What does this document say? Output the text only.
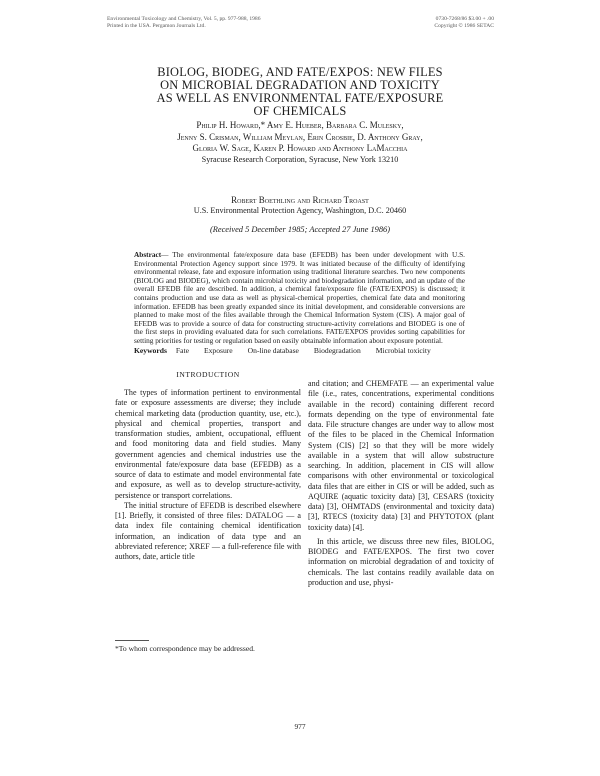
Environmental Toxicology and Chemistry, Vol. 5, pp. 977-988, 1986
Printed in the USA. Pergamon Journals Ltd.
0730-7268/86 $3.00 + .00
Copyright © 1986 SETAC
BIOLOG, BIODEG, AND FATE/EXPOS: NEW FILES
ON MICROBIAL DEGRADATION AND TOXICITY
AS WELL AS ENVIRONMENTAL FATE/EXPOSURE
OF CHEMICALS
Philip H. Howard,* Amy E. Hueber, Barbara C. Mulesky,
Jenny S. Crisman, William Meylan, Erin Crosbie, D. Anthony Gray,
Gloria W. Sage, Karen P. Howard and Anthony LaMacchia
Syracuse Research Corporation, Syracuse, New York 13210
Robert Boethling and Richard Troast
U.S. Environmental Protection Agency, Washington, D.C. 20460
(Received 5 December 1985; Accepted 27 June 1986)
Abstract— The environmental fate/exposure data base (EFEDB) has been under development with U.S. Environmental Protection Agency support since 1979. It was initiated because of the difficulty of identifying environmental release, fate and exposure information using traditional literature searches. Two new components (BIOLOG and BIODEG), which contain microbial toxicity and biodegradation information, and an update of the overall EFEDB file are described. In addition, a chemical fate/exposure file (FATE/EXPOS) is discussed; it contains production and use data as well as physical-chemical properties, chemical fate data and monitoring information. EFEDB has been greatly expanded since its initial development, and considerable conversions are planned to make most of the files available through the Chemical Information System (CIS). A major goal of EFEDB was to provide a source of data for constructing structure-activity correlations and BIODEG is one of the first steps in providing evaluated data for such correlations. FATE/EXPOS provides sorting capabilities for setting priorities for testing or regulation based on easily obtainable information about exposure potential.
Keywords Fate Exposure On-line database Biodegradation Microbial toxicity
INTRODUCTION

The types of information pertinent to environmental fate or exposure assessments are diverse; they include chemical marketing data (production quantity, use, etc.), physical and chemical properties, transport and transformation studies, ambient, occupational, effluent and food monitoring data and field studies. Many government agencies and chemical industries use the environmental fate/exposure data base (EFEDB) as a source of data to estimate and model environmental fate and exposure, as well as to develop structure-activity, persistence or transport correlations.

The initial structure of EFEDB is described elsewhere [1]. Briefly, it consisted of three files: DATALOG — a data index file containing chemical identification information, an indication of data type and an abbreviated reference; XREF — a full-reference file with authors, date, article title

and citation; and CHEMFATE — an experimental value file (i.e., rates, concentrations, experimental conditions available in the record) containing different record formats depending on the type of environmental fate data. File structure changes are under way to allow most of the files to be placed in the Chemical Information System (CIS) [2] so that they will be more widely available in a system that will allow substructure searching. In addition, placement in CIS will allow comparisons with other environmental or toxicological data files that are either in CIS or will be added, such as AQUIRE (aquatic toxicity data) [3], CESARS (toxicity data) [3], OHMTADS (environmental and toxicity data) [3], RTECS (toxicity data) [3] and PHYTOTOX (plant toxicity data) [4].

In this article, we discuss three new files, BIOLOG, BIODEG and FATE/EXPOS. The first two cover information on microbial degradation of and toxicity of chemicals. The last contains readily available data on production and use, physi-

*To whom correspondence may be addressed.
977
